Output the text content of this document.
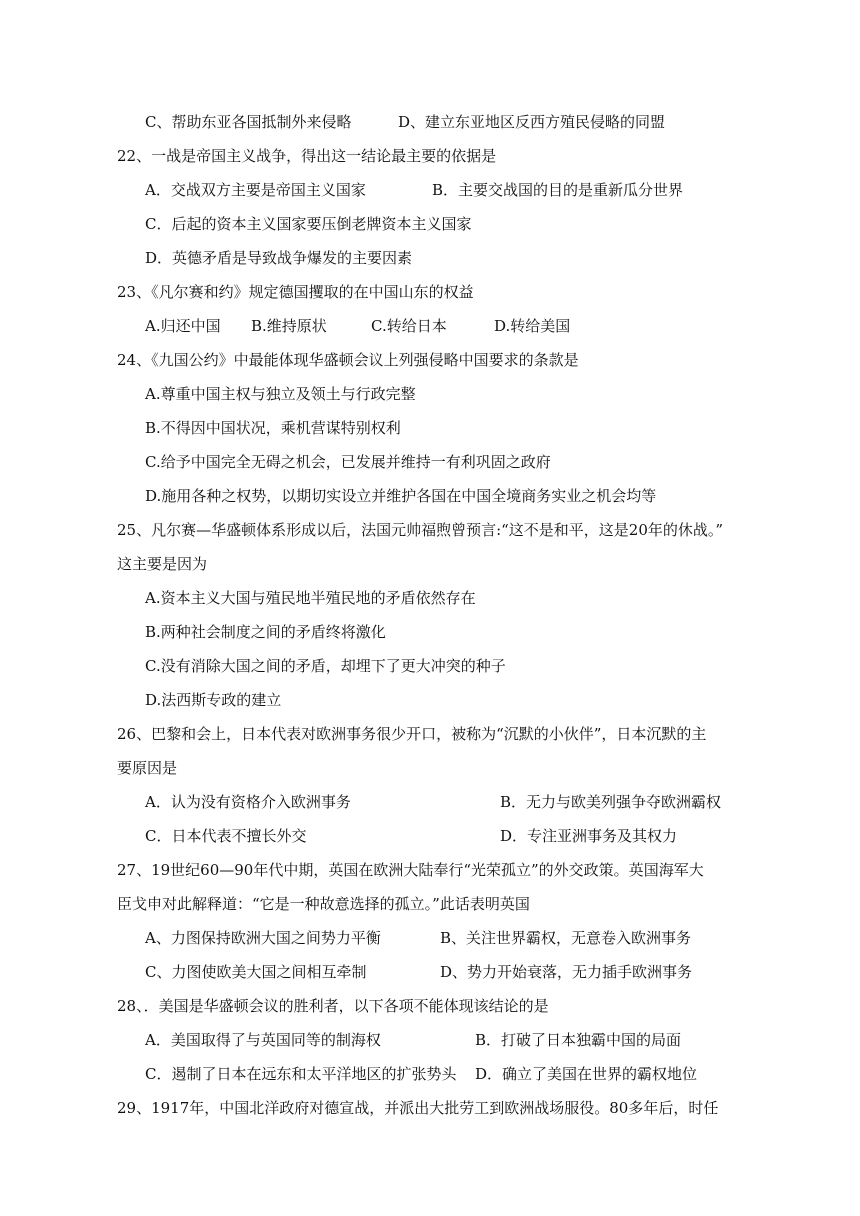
C、帮助东亚各国抵制外来侵略	D、建立东亚地区反西方殖民侵略的同盟
22、一战是帝国主义战争，得出这一结论最主要的依据是
A．交战双方主要是帝国主义国家	B．主要交战国的目的是重新瓜分世界
C．后起的资本主义国家要压倒老牌资本主义国家
D．英德矛盾是导致战争爆发的主要因素
23、《凡尔赛和约》规定德国攫取的在中国山东的权益
A.归还中国 B.维持原状	C.转给日本	D.转给美国
24、《九国公约》中最能体现华盛顿会议上列强侵略中国要求的条款是
A.尊重中国主权与独立及领土与行政完整
B.不得因中国状况，乘机营谋特别权利
C.给予中国完全无碍之机会，已发展并维持一有利巩固之政府
D.施用各种之权势，以期切实设立并维护各国在中国全境商务实业之机会均等
25、凡尔赛—华盛顿体系形成以后，法国元帅福煦曾预言:“这不是和平，这是20年的休战。”
这主要是因为
A.资本主义大国与殖民地半殖民地的矛盾依然存在
B.两种社会制度之间的矛盾终将激化
C.没有消除大国之间的矛盾，却埋下了更大冲突的种子
D.法西斯专政的建立
26、巴黎和会上，日本代表对欧洲事务很少开口，被称为“沉默的小伙伴”，日本沉默的主
要原因是
A．认为没有资格介入欧洲事务	B．无力与欧美列强争夺欧洲霸权
C．日本代表不擅长外交	D．专注亚洲事务及其权力
27、19世纪60—90年代中期，英国在欧洲大陆奉行“光荣孤立”的外交政策。英国海军大
臣戈申对此解释道：“它是一种故意选择的孤立。”此话表明英国
A、力图保持欧洲大国之间势力平衡	B、关注世界霸权，无意卷入欧洲事务
C、力图使欧美大国之间相互牵制	D、势力开始衰落，无力插手欧洲事务
28、．美国是华盛顿会议的胜利者，以下各项不能体现该结论的是
A．美国取得了与英国同等的制海权	B．打破了日本独霸中国的局面
C．遏制了日本在远东和太平洋地区的扩张势头 D．确立了美国在世界的霸权地位
29、1917年，中国北洋政府对德宣战，并派出大批劳工到欧洲战场服役。80多年后，时任
